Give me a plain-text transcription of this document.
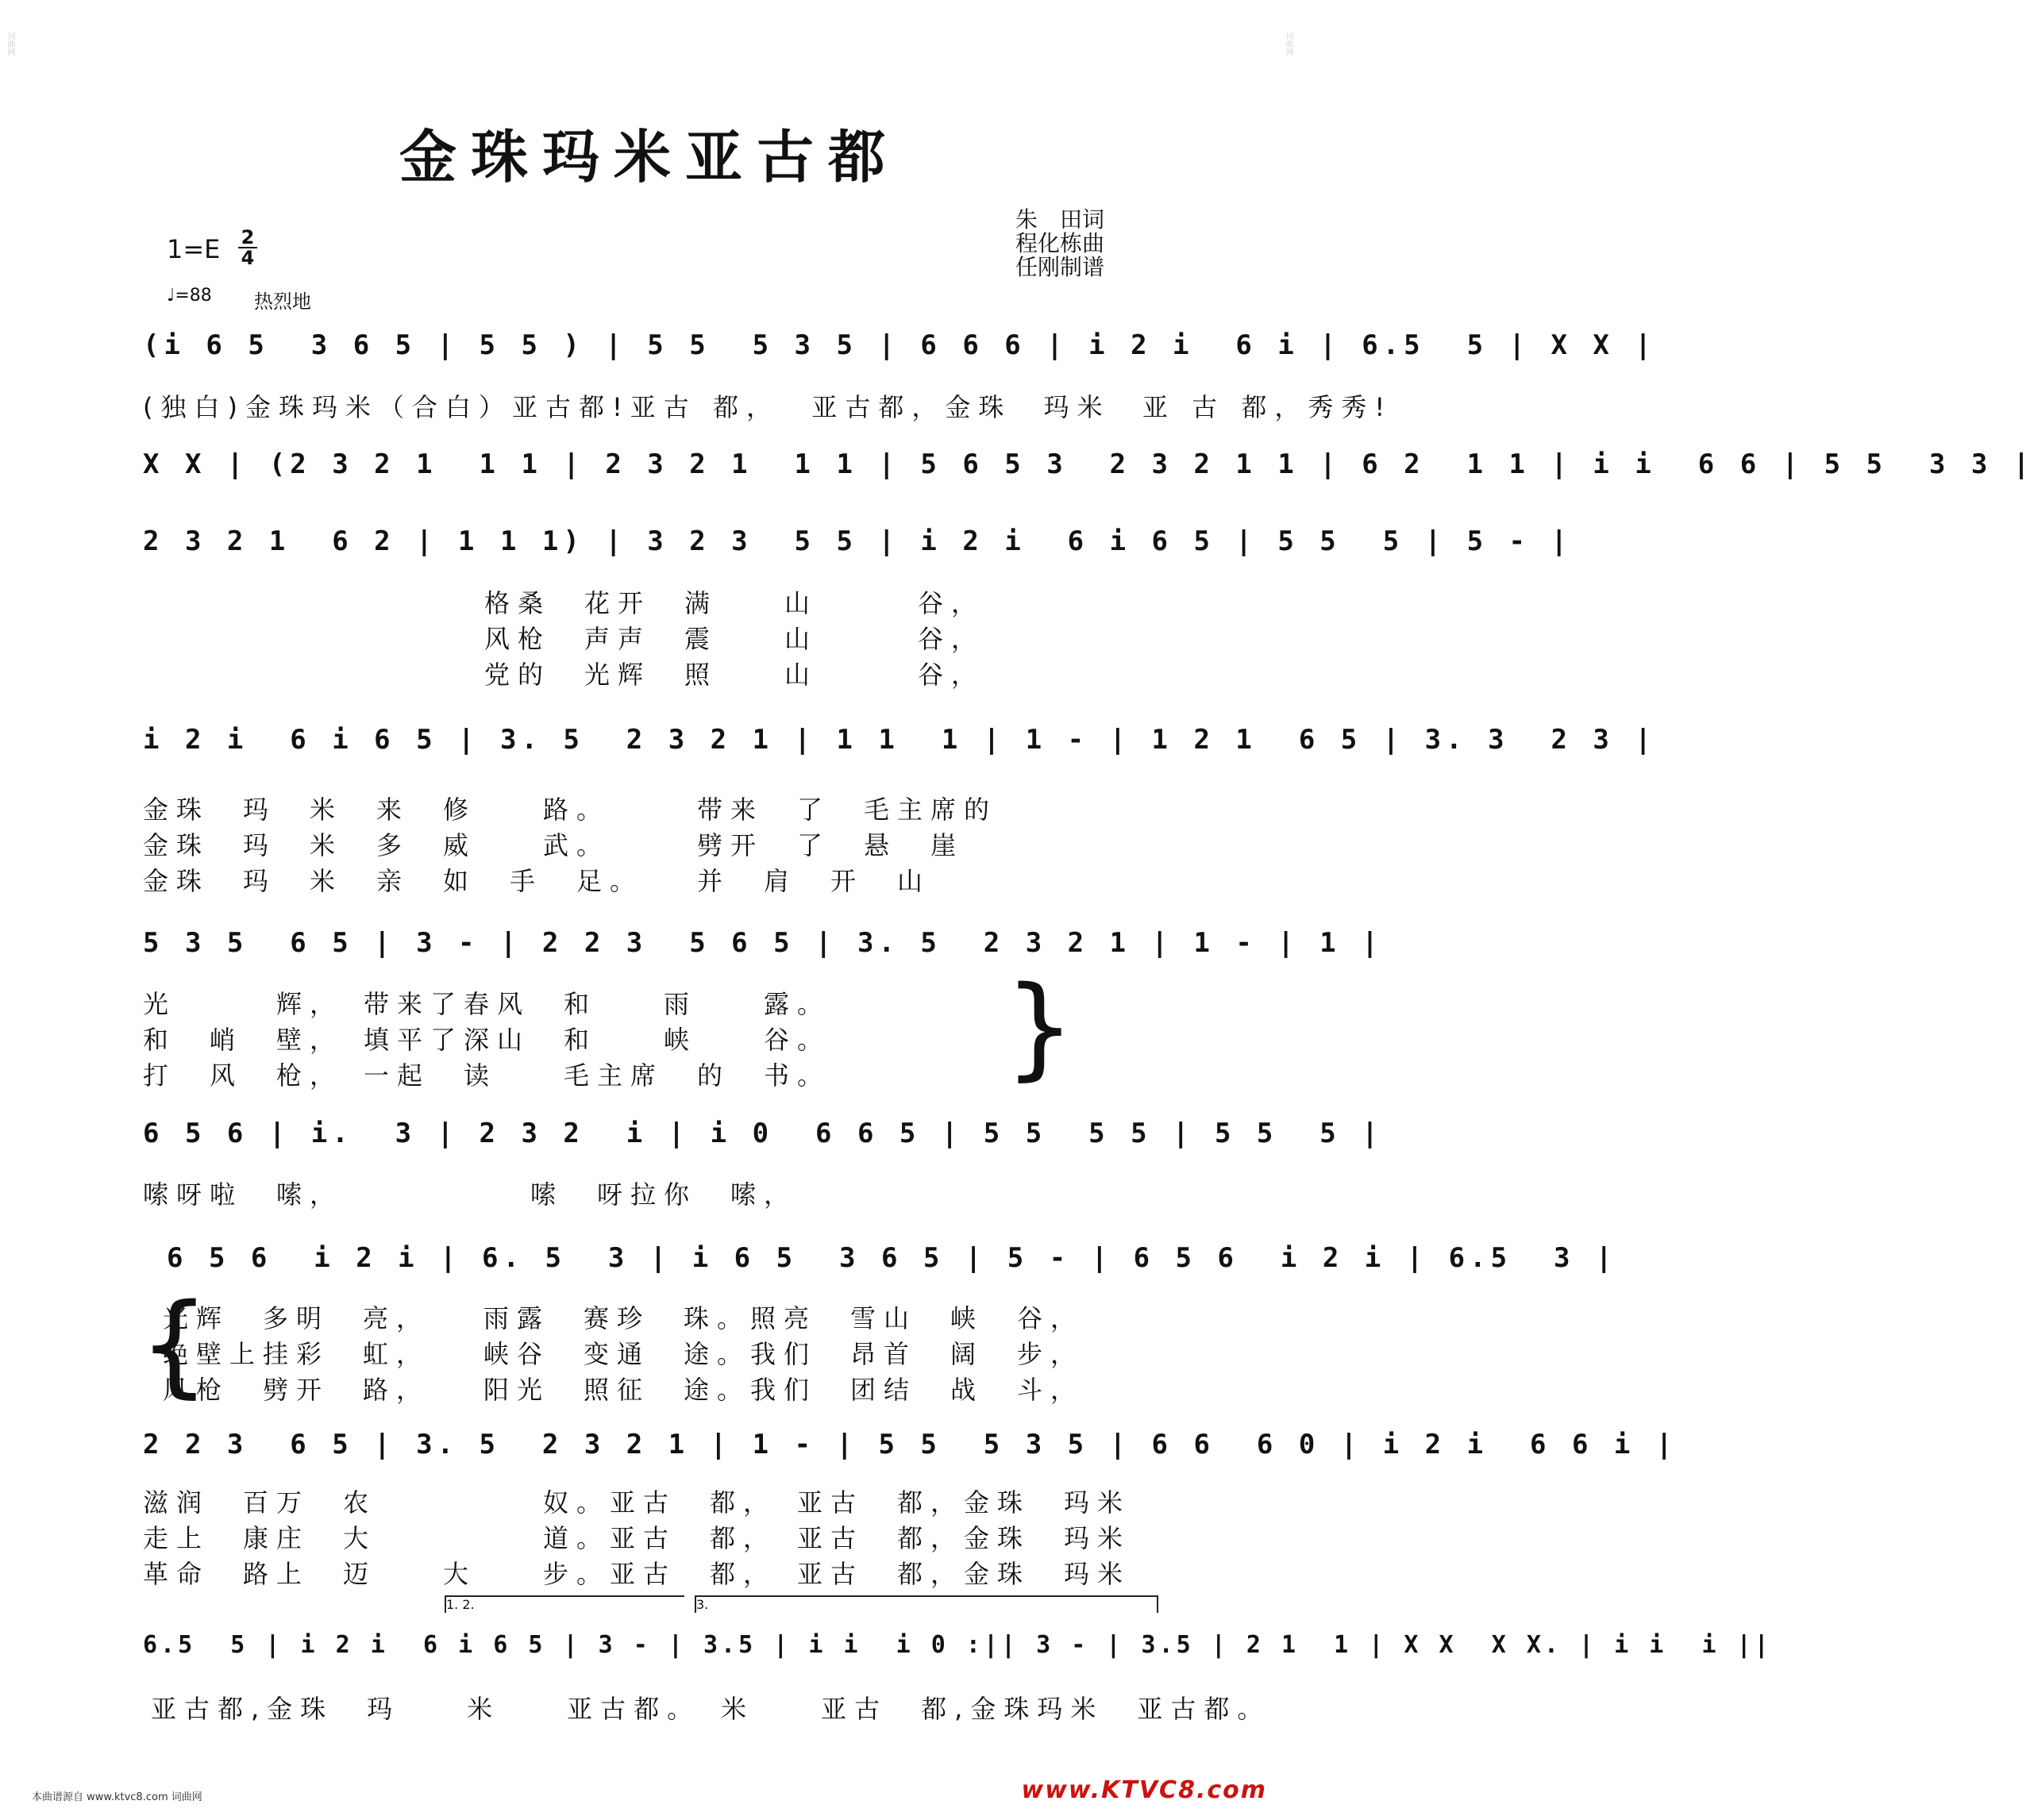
词曲网	词曲网
金珠玛米亚古都
朱　田词
程化栋曲
任刚制谱
$1=E \frac{2}{4}$
♩=88 热烈地
(i 6 5  3 6 5 | 5 5 ) | 5 5  5 3 5 | 6 6 6 | i 2 i  6 i | 6.5  5 | X X |
(独白)金珠玛米（合白）亚古都!亚古 都，  亚古都，金珠  玛米  亚 古 都，秀秀!
X X | (2 3 2 1  1 1 | 2 3 2 1  1 1 | 5 6 5 3  2 3 2 1 1 | 6 2  1 1 | i i  6 6 | 5 5  3 3 |
2 3 2 1  6 2 | 1 1 1) | 3 2 3  5 5 | i 2 i  6 i 6 5 | 5 5  5 | 5 - |
格桑　花开　满　　山　　　谷，
风枪　声声　震　　山　　　谷，
党的　光辉　照　　山　　　谷，
i 2 i  6 i 6 5 | 3. 5  2 3 2 1 | 1 1  1 | 1 - | 1 2 1  6 5 | 3. 3  2 3 |
金珠　玛　米　来　修　　路。　　　带来　了　毛主席的
金珠　玛　米　多　威　　武。　　　劈开　了　悬　崖
金珠　玛　米　亲　如　手　足。　　并　肩　开　山
5 3 5  6 5 | 3 - | 2 2 3  5 6 5 | 3. 5  2 3 2 1 | 1 - | 1 |
光　　　辉，　带来了春风　和　　雨　　露。
和　峭　壁，　填平了深山　和　　峡　　谷。
打　风　枪，　一起　读　　毛主席　的　书。	}
6 5 6 | i.  3 | 2 3 2  i | i 0  6 6 5 | 5 5  5 5 | 5 5  5 |
嗦呀啦　嗦，　　　　　　嗦　呀拉你　嗦，
6 5 6  i 2 i | 6. 5  3 | i 6 5  3 6 5 | 5 - | 6 5 6  i 2 i | 6.5  3 |
{
光辉　多明　亮，　　雨露　赛珍　珠。照亮　雪山　峡　谷，
绝壁上挂彩　虹，　　峡谷　变通　途。我们　昂首　阔　步，
风枪　劈开　路，　　阳光　照征　途。我们　团结　战　斗，
2 2 3  6 5 | 3. 5  2 3 2 1 | 1 - | 5 5  5 3 5 | 6 6  6 0 | i 2 i  6 6 i |
滋润　百万　农　　　　　奴。亚古　都，　亚古　都，金珠　玛米
走上　康庄　大　　　　　道。亚古　都，　亚古　都，金珠　玛米
革命　路上　迈　　大　　步。亚古　都，　亚古　都，金珠　玛米
1. 2.	3.
6.5  5 | i 2 i  6 i 6 5 | 3 - | 3.5 | i i  i 0 :|| 3 - | 3.5 | 2 1  1 | X X  X X. | i i  i ||
亚古都,金珠　玛　　米　　亚古都。　米　　亚古　都,金珠玛米　亚古都。
本曲谱源自 www.ktvc8.com 词曲网	www.KTVC8.com
